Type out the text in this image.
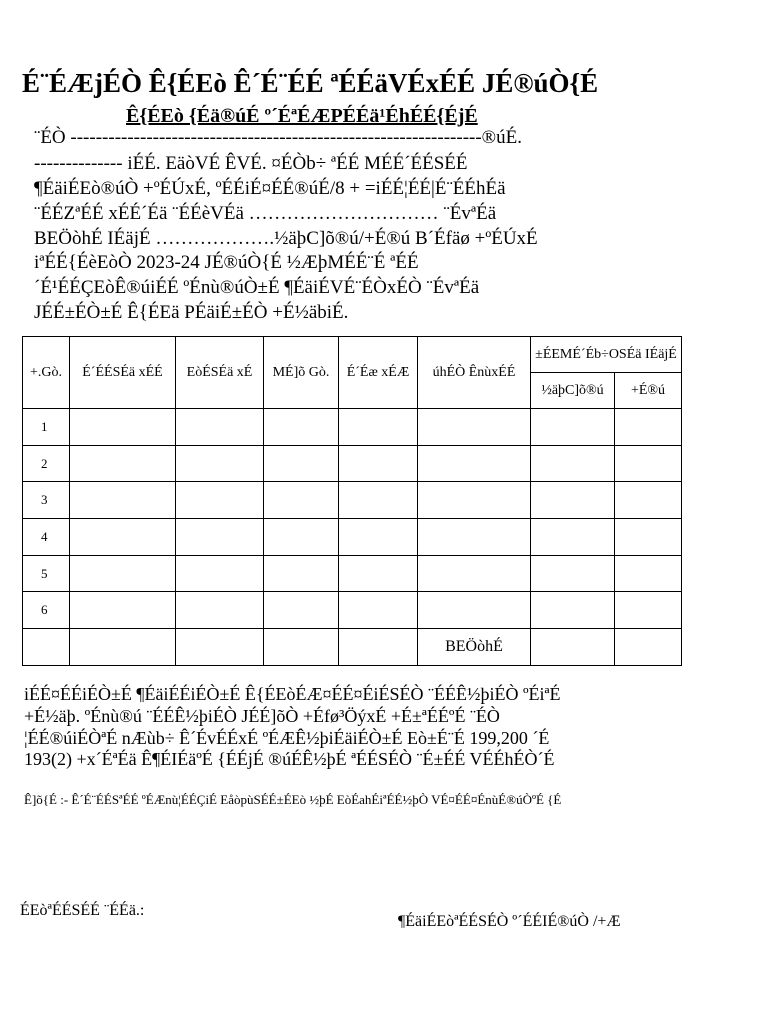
É¨ÉÆjÉÒ Ê{ÉEò Ê´É¨ÉÉ ªÉÉäVÉxÉÉ JÉ®úÒ{É
Ê{ÉEò {Éä®úÉ º´ÉªÉÆPÉÉä¹ÉhÉÉ{ÉjÉ
¨ÉÒ -----------------------------------------------------------------®úÉ.
-------------- iÉÉ. EäòVÉ ÊVÉ. ¤ÉÒb÷ ªÉÉ MÉÉ´ÉÉSÉÉ
¶ÉäiÉEò®úÒ +ºÉÚxÉ, ºÉÉiÉ¤ÉÉ®úÉ/8 + =iÉÉ¦ÉÉ|É¨ÉÉhÉä
¨ÉÉZªÉÉ xÉÉ´Éä ¨ÉÉèVÉä ………………………… ¨ÉvªÉä
BEÖòhÉ IÉäjÉ ……………….½äþC]õ®ú/+É®ú B´Éfäø +ºÉÚxÉ
iªÉÉ{ÉèEòÒ 2023-24 JÉ®úÒ{É ½ÆþMÉÉ¨É ªÉÉ
´É¹ÉÉÇEòÊ®úiÉÉ ºÉnù®úÒ±É ¶ÉäiÉVÉ¨ÉÒxÉÒ ¨ÉvªÉä
JÉÉ±ÉÒ±É Ê{ÉEä PÉäiÉ±ÉÒ +É½äbiÉ.
+.Gò.	É´ÉÉSÉä xÉÉ	EòÉSÉä xÉ	MÉ]õ Gò.	É´Éæ xÉÆ	úhÉÒ ÊnùxÉÉ	±ÉEMÉ´Éb÷OSÉä IÉäjÉ	
						½äþC]õ®ú	+É®ú
1							
2							
3							
4							
5							
6							
					BEÖòhÉ		
iÉÉ¤ÉÉiÉÒ±É ¶ÉäiÉÉiÉÒ±É Ê{ÉEòÉÆ¤ÉÉ¤ÉiÉSÉÒ ¨ÉÉÊ½þiÉÒ ºÉiªÉ
+É½äþ. ºÉnù®ú ¨ÉÉÊ½þiÉÒ JÉÉ]õÒ +Éfø³ÖýxÉ +É±ªÉÉºÉ ¨ÉÒ
¦ÉÉ®úiÉÒªÉ nÆùb÷ Ê´ÉvÉÉxÉ ºÉÆÊ½þiÉäiÉÒ±É Eò±É¨É 199,200 ´É
193(2) +x´ÉªÉä Ê¶ÉIÉäºÉ {ÉÉjÉ ®úÉÊ½þÉ ªÉÉSÉÒ ¨É±ÉÉ VÉÉhÉÒ´É
Ê]õ{É :- Ê´É¨ÉÉSªÉÉ ºÉÆnù¦ÉÉÇiÉ EåòpùSÉÉ±ÉEò ½þÉ EòÉahÉiªÉÉ½þÒ VÉ¤ÉÉ¤ÉnùÉ®úÒºÉ {É
ÉEòªÉÉSÉÉ ¨ÉÉä.:
¶ÉäiÉEòªÉÉSÉÒ º´ÉÉIÉ®úÒ /+Æ
